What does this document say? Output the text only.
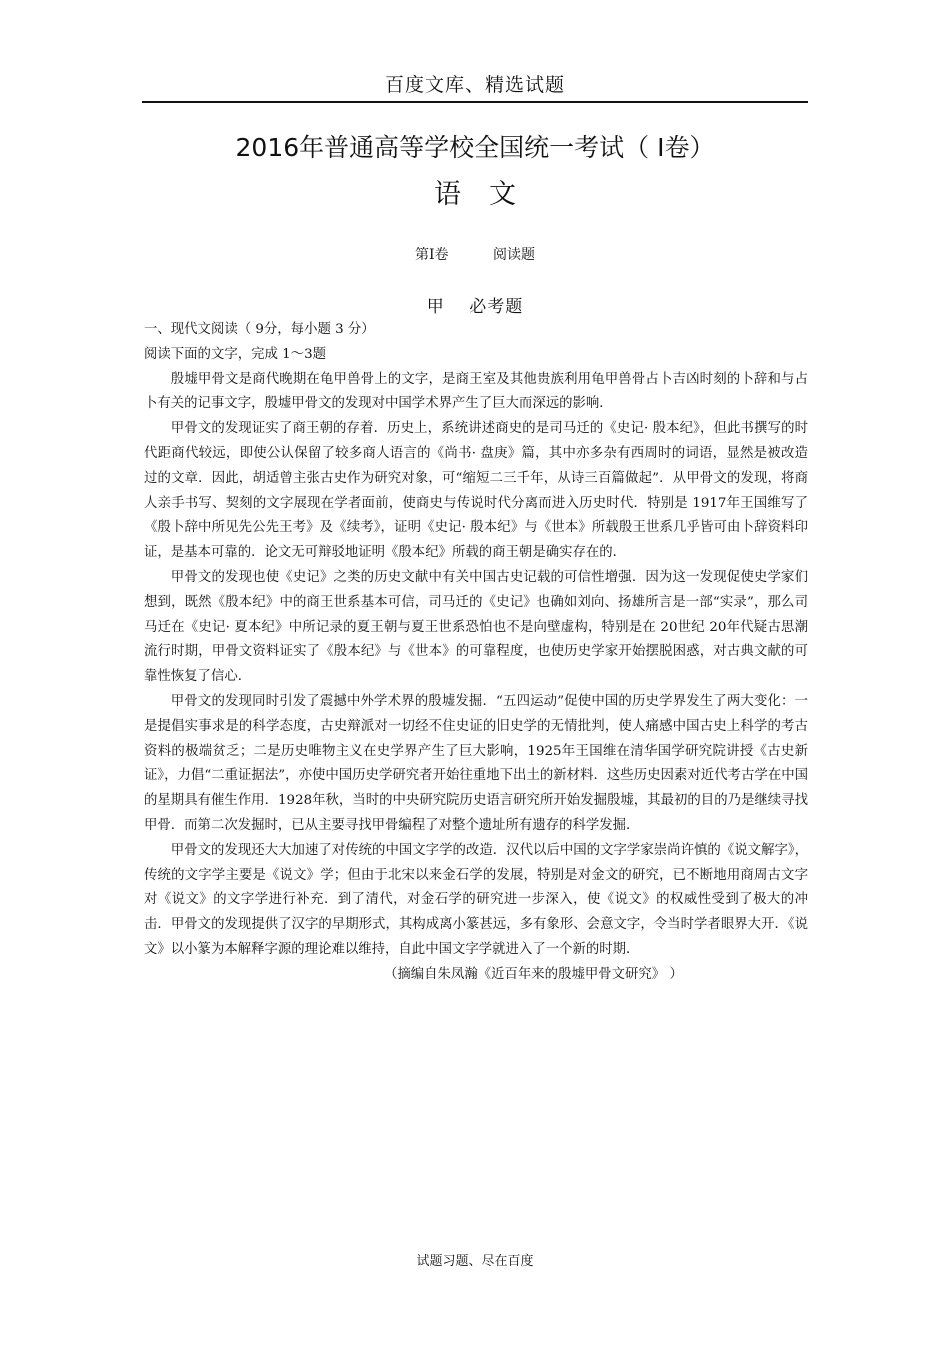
百度文库、精选试题
2016年普通高等学校全国统一考试（ Ⅰ卷）
语文
第Ⅰ卷 阅读题
甲　 必考题

一、现代文阅读（ 9分，每小题 3 分）

阅读下面的文字，完成 1～3题

殷墟甲骨文是商代晚期在龟甲兽骨上的文字，是商王室及其他贵族利用龟甲兽骨占卜吉凶时刻的卜辞和与占卜有关的记事文字，殷墟甲骨文的发现对中国学术界产生了巨大而深远的影响．

甲骨文的发现证实了商王朝的存着．历史上，系统讲述商史的是司马迁的《史记· 殷本纪》，但此书撰写的时代距商代较远，即使公认保留了较多商人语言的《尚书· 盘庚》篇，其中亦多杂有西周时的词语，显然是被改造过的文章．因此，胡适曾主张古史作为研究对象，可“缩短二三千年，从诗三百篇做起”．从甲骨文的发现，将商人亲手书写、契刻的文字展现在学者面前，使商史与传说时代分离而进入历史时代．特别是 1917年王国维写了《殷卜辞中所见先公先王考》及《续考》，证明《史记· 殷本纪》与《世本》所载殷王世系几乎皆可由卜辞资料印证，是基本可靠的．论文无可辩驳地证明《殷本纪》所载的商王朝是确实存在的．

甲骨文的发现也使《史记》之类的历史文献中有关中国古史记载的可信性增强．因为这一发现促使史学家们想到，既然《殷本纪》中的商王世系基本可信，司马迁的《史记》也确如刘向、扬雄所言是一部“实录”，那么司马迁在《史记· 夏本纪》中所记录的夏王朝与夏王世系恐怕也不是向壁虚构，特别是在 20世纪 20年代疑古思潮流行时期，甲骨文资料证实了《殷本纪》与《世本》的可靠程度，也使历史学家开始摆脱困惑，对古典文献的可靠性恢复了信心．

甲骨文的发现同时引发了震撼中外学术界的殷墟发掘．“五四运动”促使中国的历史学界发生了两大变化：一是提倡实事求是的科学态度，古史辩派对一切经不住史证的旧史学的无情批判，使人痛感中国古史上科学的考古资料的极端贫乏；二是历史唯物主义在史学界产生了巨大影响，1925年王国维在清华国学研究院讲授《古史新证》，力倡“二重证据法”，亦使中国历史学研究者开始往重地下出土的新材料．这些历史因素对近代考古学在中国的星期具有催生作用．1928年秋，当时的中央研究院历史语言研究所开始发掘殷墟，其最初的目的乃是继续寻找甲骨．而第二次发掘时，已从主要寻找甲骨编程了对整个遗址所有遗存的科学发掘．

甲骨文的发现还大大加速了对传统的中国文字学的改造．汉代以后中国的文字学家崇尚许慎的《说文解字》，传统的文字学主要是《说文》学；但由于北宋以来金石学的发展，特别是对金文的研究，已不断地用商周古文字对《说文》的文字学进行补充．到了清代，对金石学的研究进一步深入，使《说文》的权威性受到了极大的冲击．甲骨文的发现提供了汉字的早期形式，其构成离小篆甚远，多有象形、会意文字，令当时学者眼界大开．《说文》以小篆为本解释字源的理论难以维持，自此中国文字学就进入了一个新的时期．

（摘编自朱凤瀚《近百年来的殷墟甲骨文研究》 ）

试题习题、尽在百度
